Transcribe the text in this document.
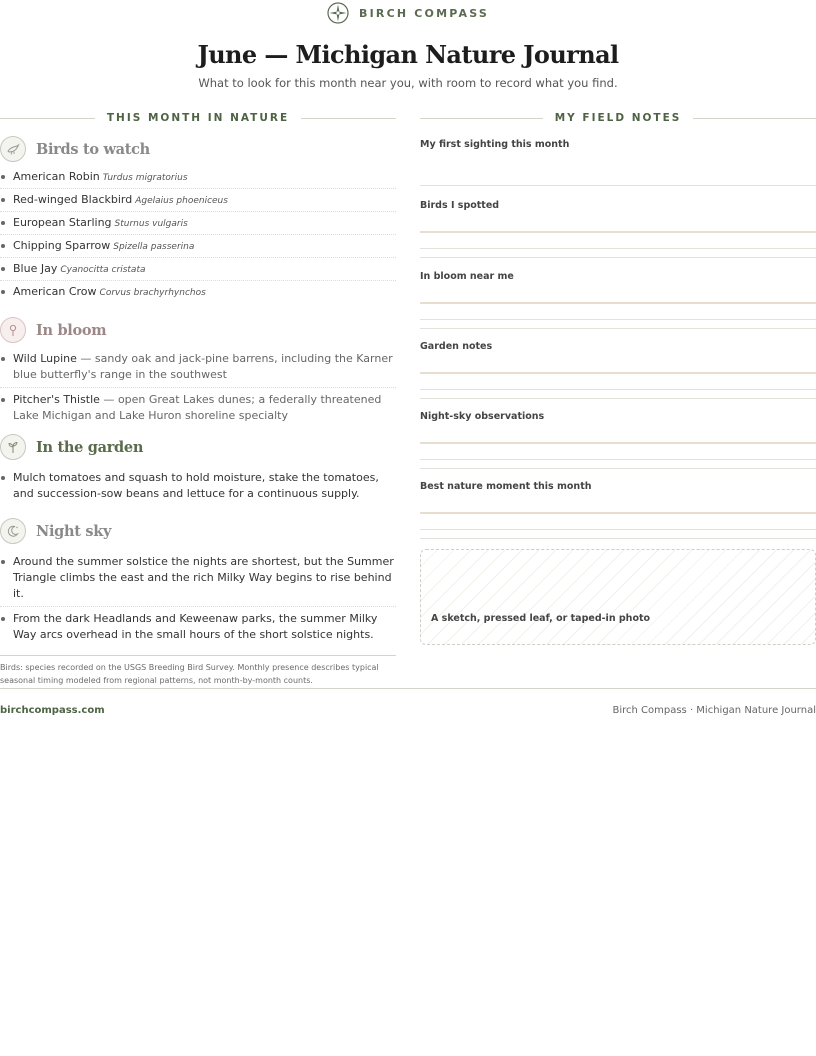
BIRCH COMPASS
June — Michigan Nature Journal
What to look for this month near you, with room to record what you find.
THIS MONTH IN NATURE	MY FIELD NOTES
Birds to watch
American Robin Turdus migratorius
Red-winged Blackbird Agelaius phoeniceus
European Starling Sturnus vulgaris
Chipping Sparrow Spizella passerina
Blue Jay Cyanocitta cristata
American Crow Corvus brachyrhynchos
In bloom
Wild Lupine — sandy oak and jack-pine barrens, including the Karner blue butterfly's range in the southwest
Pitcher's Thistle — open Great Lakes dunes; a federally threatened Lake Michigan and Lake Huron shoreline specialty
In the garden
Mulch tomatoes and squash to hold moisture, stake the tomatoes, and succession-sow beans and lettuce for a continuous supply.
Night sky
Around the summer solstice the nights are shortest, but the Summer Triangle climbs the east and the rich Milky Way begins to rise behind it.
From the dark Headlands and Keweenaw parks, the summer Milky Way arcs overhead in the small hours of the short solstice nights.
Birds: species recorded on the USGS Breeding Bird Survey. Monthly presence describes typical seasonal timing modeled from regional patterns, not month-by-month counts.
My first sighting this month
Birds I spotted
In bloom near me
Garden notes
Night-sky observations
Best nature moment this month
A sketch, pressed leaf, or taped-in photo
birchcompass.com	Birch Compass · Michigan Nature Journal
